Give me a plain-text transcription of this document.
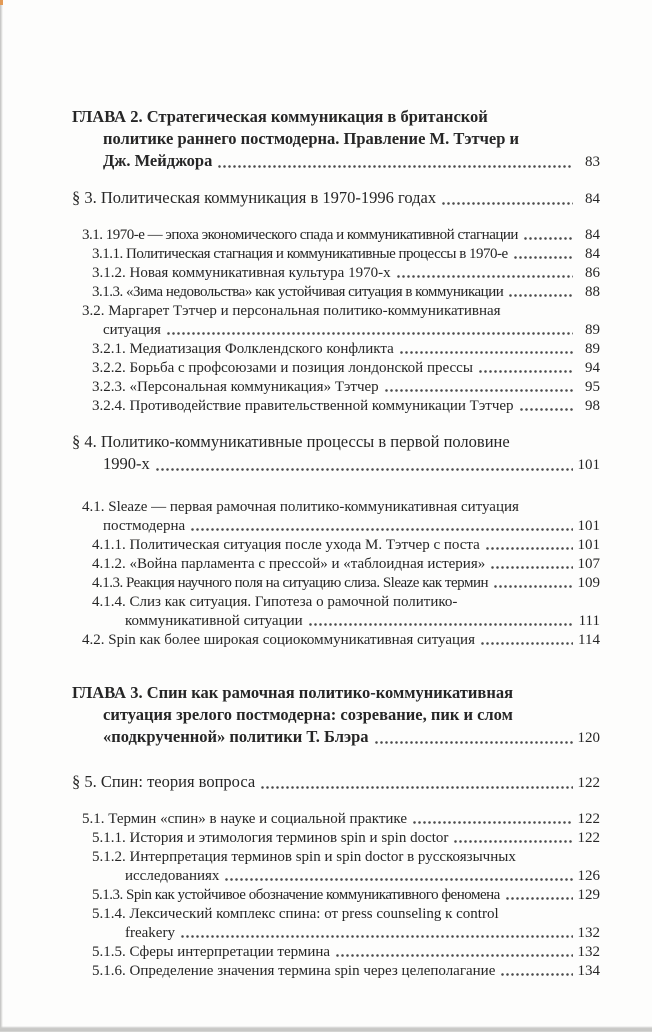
ГЛАВА 2. Стратегическая коммуникация в британской
политике раннего постмодерна. Правление М. Тэтчер и
Дж. Мейджора	83
§ 3. Политическая коммуникация в 1970-1996 годах	84
3.1. 1970-е — эпоха экономического спада и коммуникативной стагнации	84
3.1.1. Политическая стагнация и коммуникативные процессы в 1970-е	84
3.1.2. Новая коммуникативная культура 1970-х	86
3.1.3. «Зима недовольства» как устойчивая ситуация в коммуникации	88
3.2. Маргарет Тэтчер и персональная политико-коммуникативная
ситуация	89
3.2.1. Медиатизация Фолклендского конфликта	89
3.2.2. Борьба с профсоюзами и позиция лондонской прессы	94
3.2.3. «Персональная коммуникация» Тэтчер	95
3.2.4. Противодействие правительственной коммуникации Тэтчер	98
§ 4. Политико-коммуникативные процессы в первой половине
1990-х	101
4.1. Sleaze — первая рамочная политико-коммуникативная ситуация
постмодерна	101
4.1.1. Политическая ситуация после ухода М. Тэтчер с поста	101
4.1.2. «Война парламента с прессой» и «таблоидная истерия»	107
4.1.3. Реакция научного поля на ситуацию слиза. Sleaze как термин	109
4.1.4. Слиз как ситуация. Гипотеза о рамочной политико-
коммуникативной ситуации	111
4.2. Spin как более широкая социокоммуникативная ситуация	114
ГЛАВА 3. Спин как рамочная политико-коммуникативная
ситуация зрелого постмодерна: созревание, пик и слом
«подкрученной» политики Т. Блэра	120
§ 5. Спин: теория вопроса	122
5.1. Термин «спин» в науке и социальной практике	122
5.1.1. История и этимология терминов spin и spin doctor	122
5.1.2. Интерпретация терминов spin и spin doctor в русскоязычных
исследованиях	126
5.1.3. Spin как устойчивое обозначение коммуникативного феномена	129
5.1.4. Лексический комплекс спина: от press counseling к control
freakery	132
5.1.5. Сферы интерпретации термина	132
5.1.6. Определение значения термина spin через целеполагание	134
